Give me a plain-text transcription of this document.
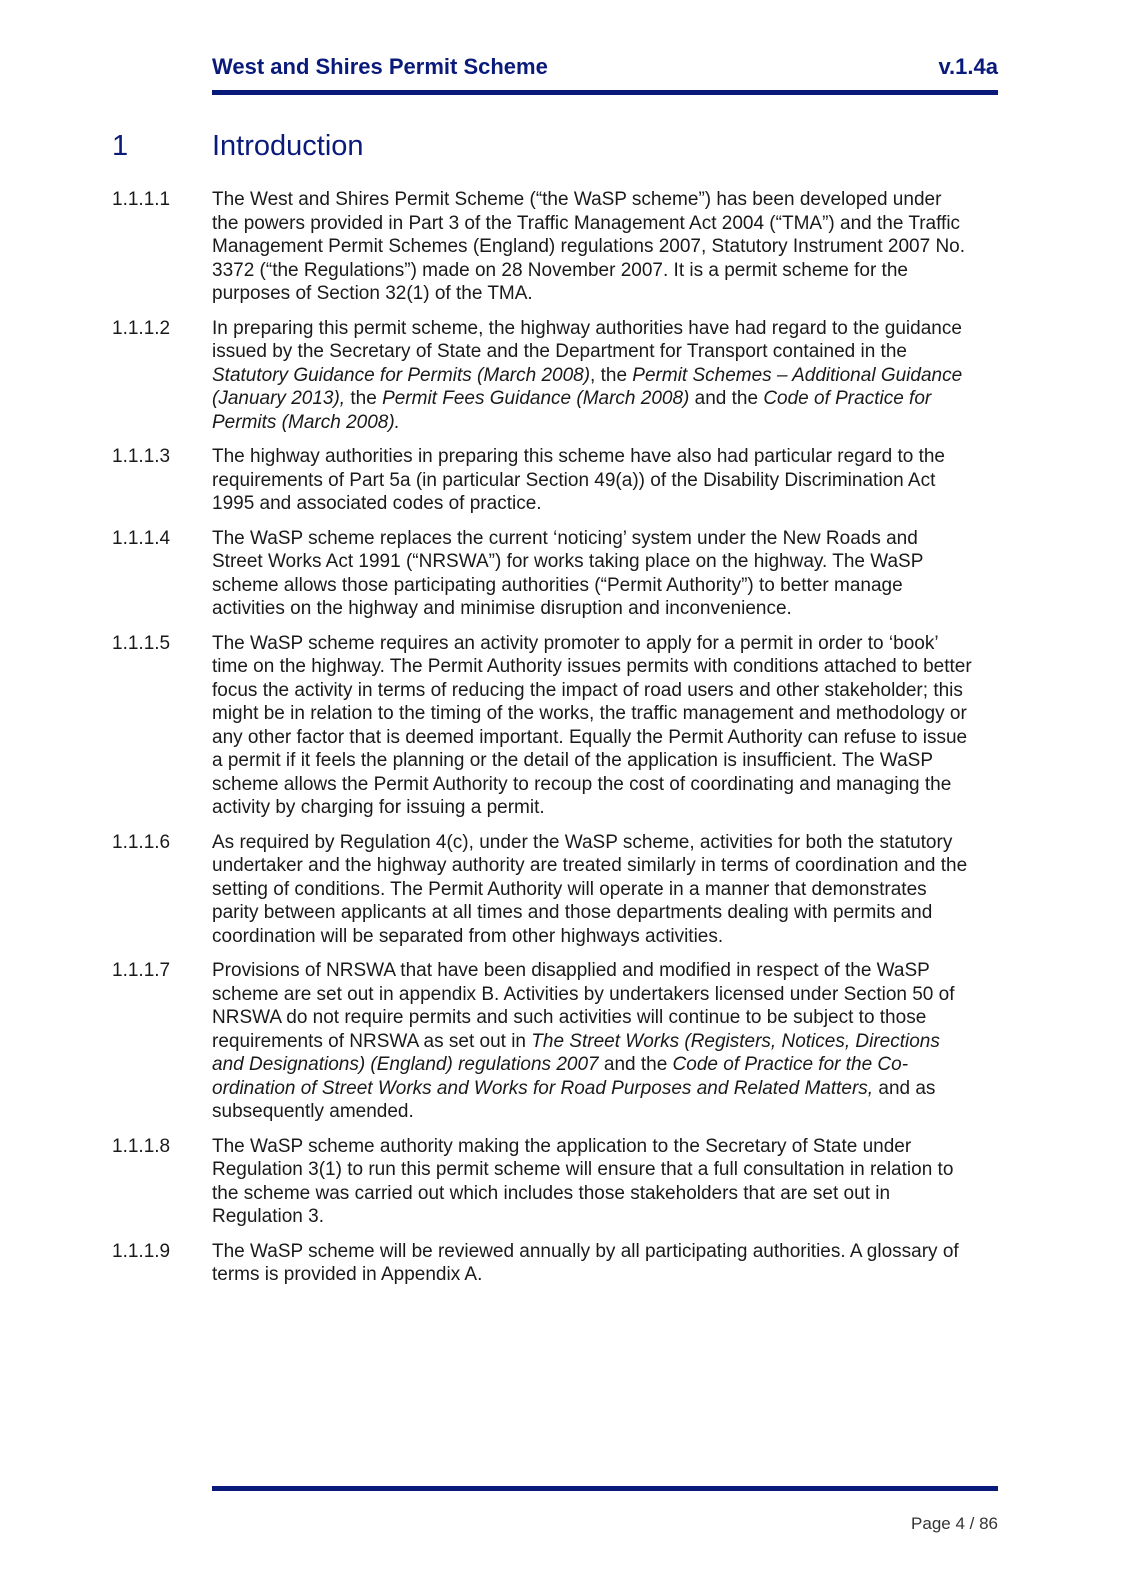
West and Shires Permit Scheme	v.1.4a
1	Introduction
1.1.1.1	The West and Shires Permit Scheme (“the WaSP scheme”) has been developed under the powers provided in Part 3 of the Traffic Management Act 2004 (“TMA”) and the Traffic Management Permit Schemes (England) regulations 2007, Statutory Instrument 2007 No. 3372 (“the Regulations”) made on 28 November 2007. It is a permit scheme for the purposes of Section 32(1) of the TMA.
1.1.1.2	In preparing this permit scheme, the highway authorities have had regard to the guidance issued by the Secretary of State and the Department for Transport contained in the Statutory Guidance for Permits (March 2008), the Permit Schemes – Additional Guidance (January 2013), the Permit Fees Guidance (March 2008) and the Code of Practice for Permits (March 2008).
1.1.1.3	The highway authorities in preparing this scheme have also had particular regard to the requirements of Part 5a (in particular Section 49(a)) of the Disability Discrimination Act 1995 and associated codes of practice.
1.1.1.4	The WaSP scheme replaces the current ‘noticing’ system under the New Roads and Street Works Act 1991 (“NRSWA”) for works taking place on the highway. The WaSP scheme allows those participating authorities (“Permit Authority”) to better manage activities on the highway and minimise disruption and inconvenience.
1.1.1.5	The WaSP scheme requires an activity promoter to apply for a permit in order to ‘book’ time on the highway. The Permit Authority issues permits with conditions attached to better focus the activity in terms of reducing the impact of road users and other stakeholder; this might be in relation to the timing of the works, the traffic management and methodology or any other factor that is deemed important. Equally the Permit Authority can refuse to issue a permit if it feels the planning or the detail of the application is insufficient. The WaSP scheme allows the Permit Authority to recoup the cost of coordinating and managing the activity by charging for issuing a permit.
1.1.1.6	As required by Regulation 4(c), under the WaSP scheme, activities for both the statutory undertaker and the highway authority are treated similarly in terms of coordination and the setting of conditions. The Permit Authority will operate in a manner that demonstrates parity between applicants at all times and those departments dealing with permits and coordination will be separated from other highways activities.
1.1.1.7	Provisions of NRSWA that have been disapplied and modified in respect of the WaSP scheme are set out in appendix B. Activities by undertakers licensed under Section 50 of NRSWA do not require permits and such activities will continue to be subject to those requirements of NRSWA as set out in The Street Works (Registers, Notices, Directions and Designations) (England) regulations 2007 and the Code of Practice for the Co-ordination of Street Works and Works for Road Purposes and Related Matters, and as subsequently amended.
1.1.1.8	The WaSP scheme authority making the application to the Secretary of State under Regulation 3(1) to run this permit scheme will ensure that a full consultation in relation to the scheme was carried out which includes those stakeholders that are set out in Regulation 3.
1.1.1.9	The WaSP scheme will be reviewed annually by all participating authorities. A glossary of terms is provided in Appendix A.
Page 4 / 86
